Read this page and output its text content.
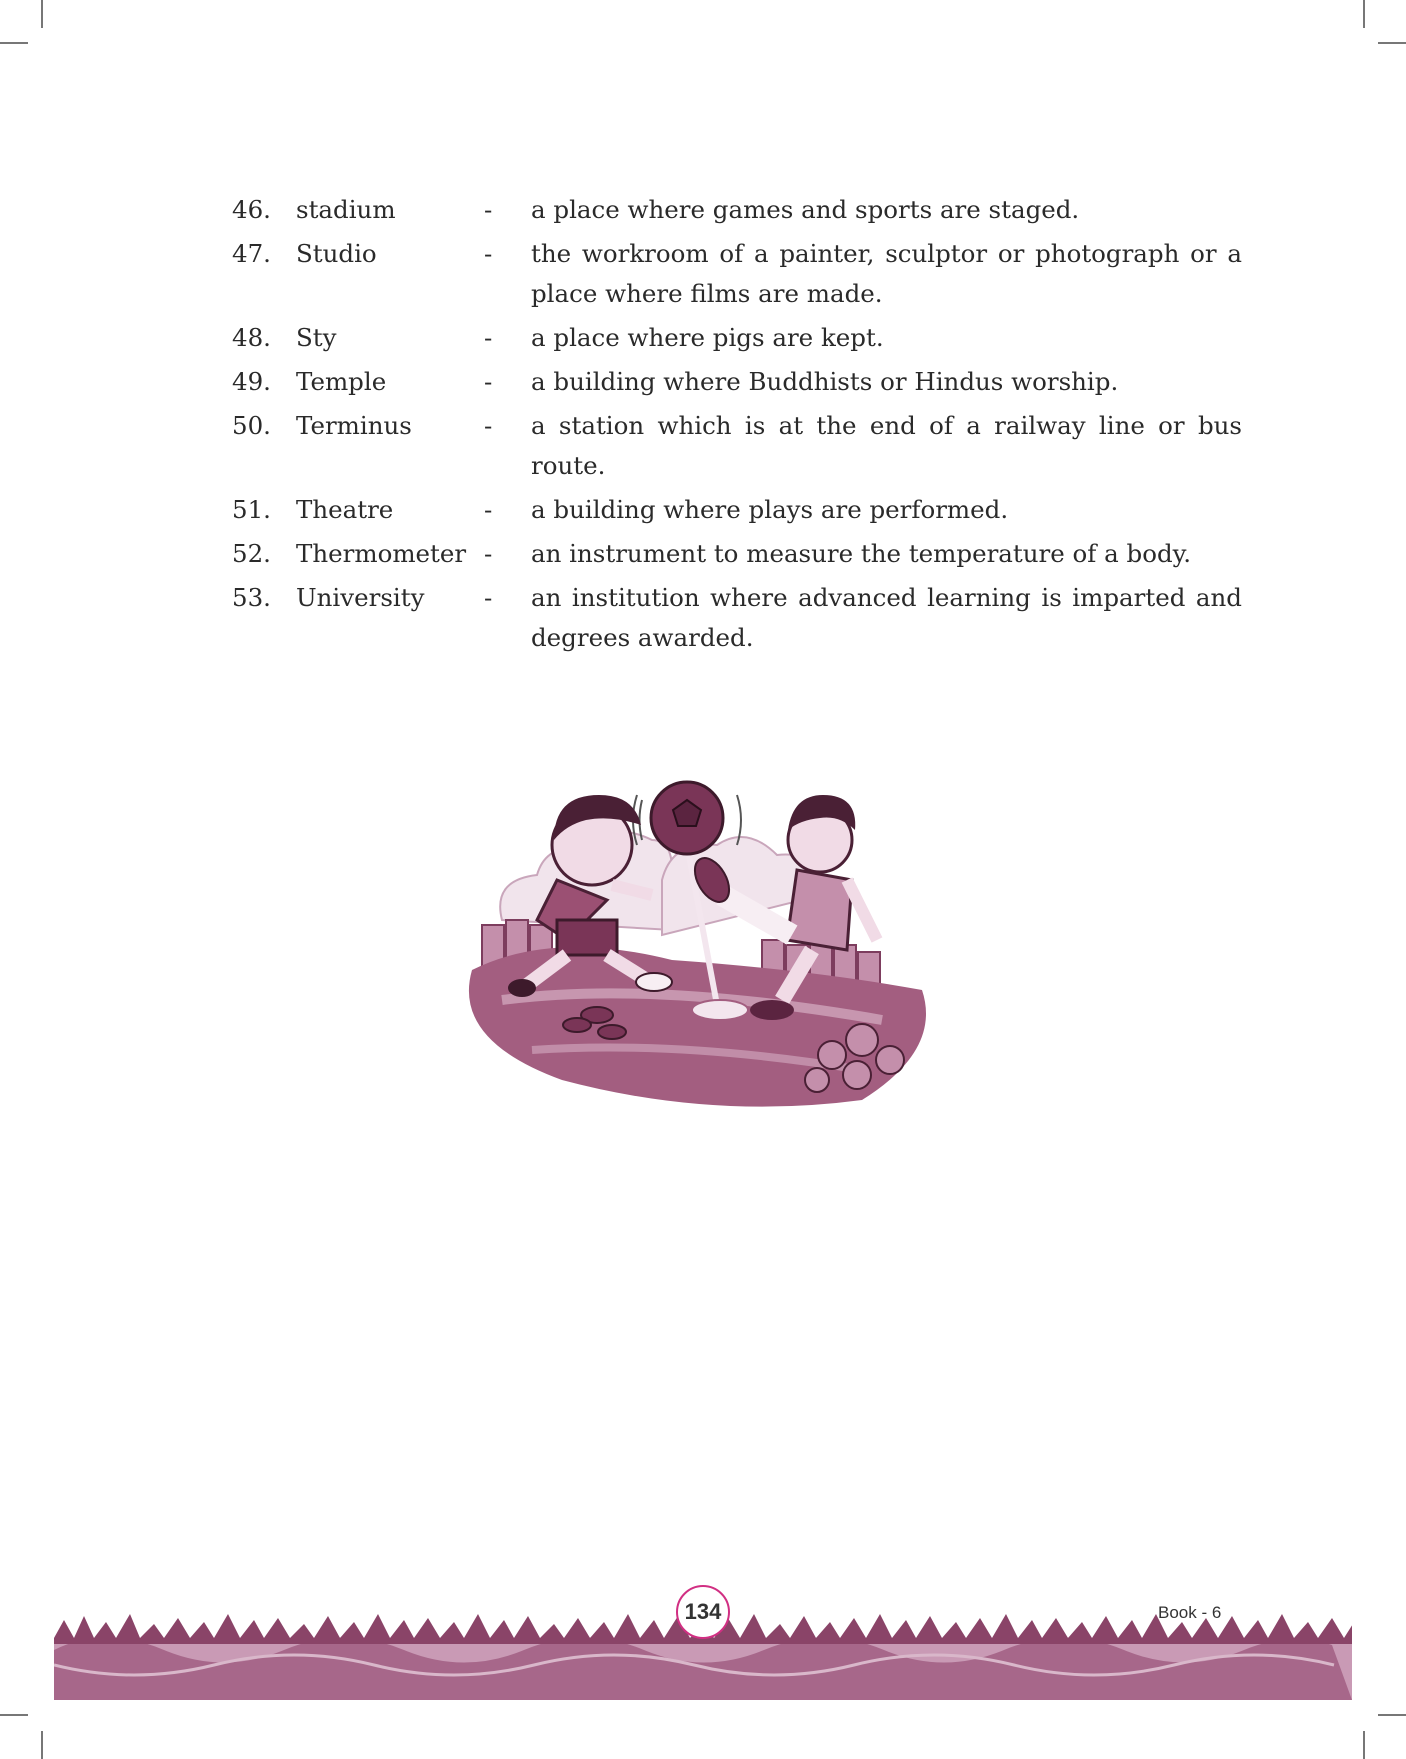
46.	stadium	-	a place where games and sports are staged.
47.	Studio	-	the workroom of a painter, sculptor or photograph or a place where films are made.
48.	Sty	-	a place where pigs are kept.
49.	Temple	-	a building where Buddhists or Hindus worship.
50.	Terminus	-	a station which is at the end of a railway line or bus route.
51.	Theatre	-	a building where plays are performed.
52.	Thermometer -	an instrument to measure the temperature of a body.
53.	University	-	an institution where advanced learning is imparted and degrees awarded.
134	Book - 6
